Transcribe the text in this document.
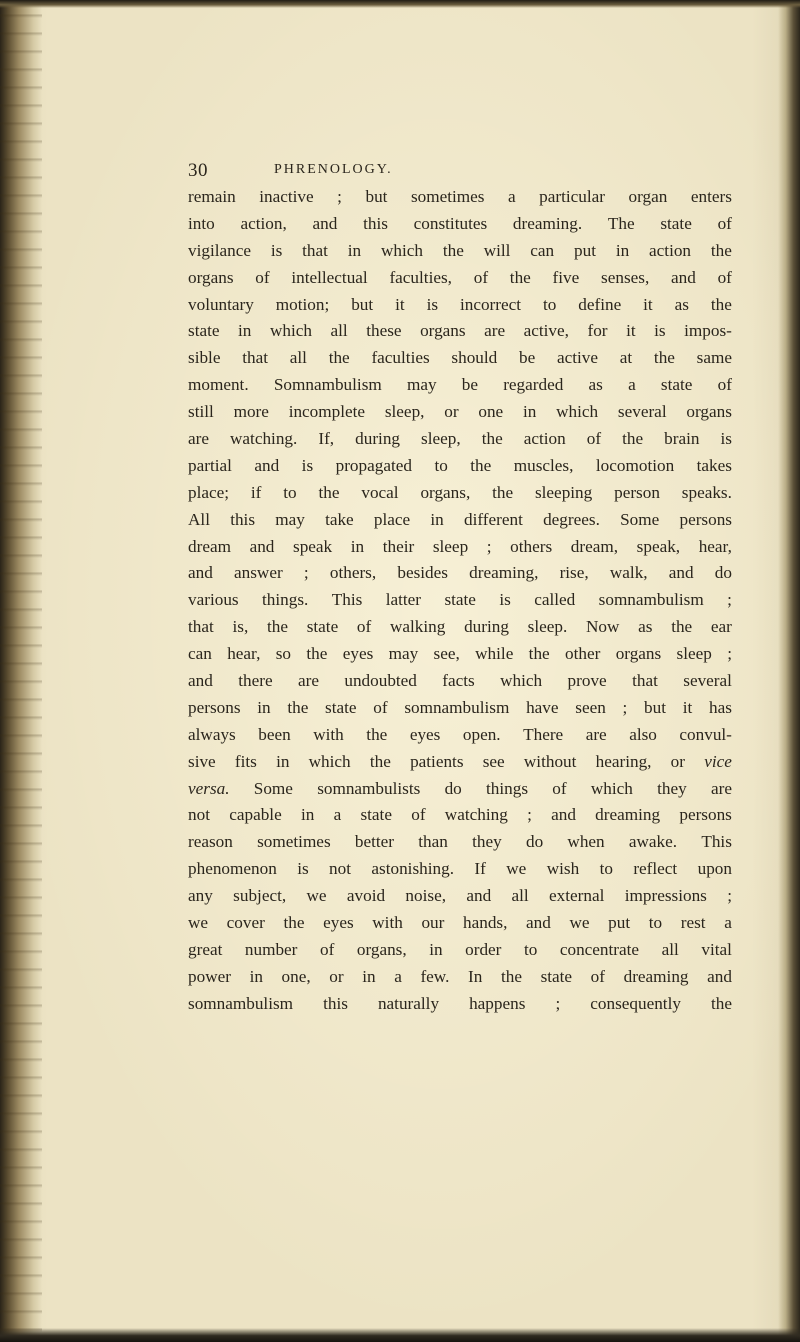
30	PHRENOLOGY.
remain inactive ; but sometimes a particular organ enters
into action, and this constitutes dreaming. The state of
vigilance is that in which the will can put in action the
organs of intellectual faculties, of the five senses, and of
voluntary motion; but it is incorrect to define it as the
state in which all these organs are active, for it is impos-
sible that all the faculties should be active at the same
moment. Somnambulism may be regarded as a state of
still more incomplete sleep, or one in which several organs
are watching. If, during sleep, the action of the brain is
partial and is propagated to the muscles, locomotion takes
place; if to the vocal organs, the sleeping person speaks.
All this may take place in different degrees. Some persons
dream and speak in their sleep ; others dream, speak, hear,
and answer ; others, besides dreaming, rise, walk, and do
various things. This latter state is called somnambulism ;
that is, the state of walking during sleep. Now as the ear
can hear, so the eyes may see, while the other organs sleep ;
and there are undoubted facts which prove that several
persons in the state of somnambulism have seen ; but it has
always been with the eyes open. There are also convul-
sive fits in which the patients see without hearing, or vice
versa. Some somnambulists do things of which they are
not capable in a state of watching ; and dreaming persons
reason sometimes better than they do when awake. This
phenomenon is not astonishing. If we wish to reflect upon
any subject, we avoid noise, and all external impressions ;
we cover the eyes with our hands, and we put to rest a
great number of organs, in order to concentrate all vital
power in one, or in a few. In the state of dreaming and
somnambulism this naturally happens ; consequently the
